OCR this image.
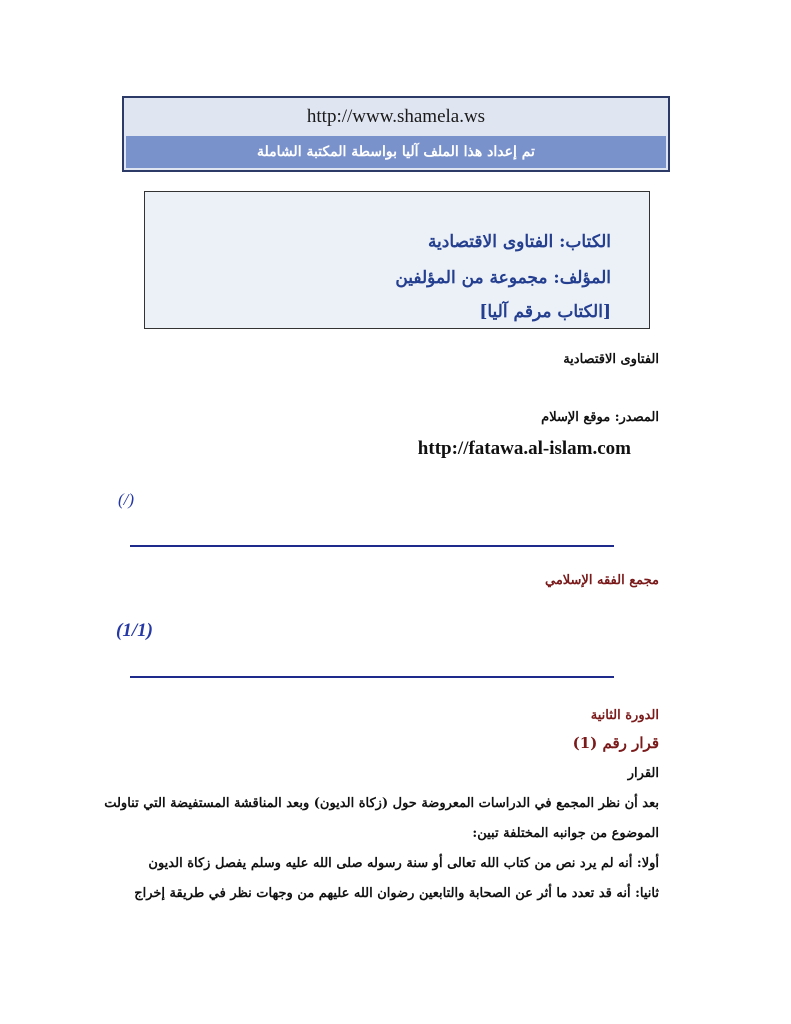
http://www.shamela.ws
تم إعداد هذا الملف آليا بواسطة المكتبة الشاملة
الكتاب: الفتاوى الاقتصادية
المؤلف: مجموعة من المؤلفين
[الكتاب مرقم آليا]
الفتاوى الاقتصادية
المصدر: موقع الإسلام
http://fatawa.al-islam.com
(/)
مجمع الفقه الإسلامي
(1/1)
الدورة الثانية
قرار رقم (1)
القرار
بعد أن نظر المجمع في الدراسات المعروضة حول (زكاة الديون) وبعد المناقشة المستفيضة التي تناولت
الموضوع من جوانبه المختلفة تبين:
أولا: أنه لم يرد نص من كتاب الله تعالى أو سنة رسوله صلى الله عليه وسلم يفصل زكاة الديون
ثانيا: أنه قد تعدد ما أثر عن الصحابة والتابعين رضوان الله عليهم من وجهات نظر في طريقة إخراج
